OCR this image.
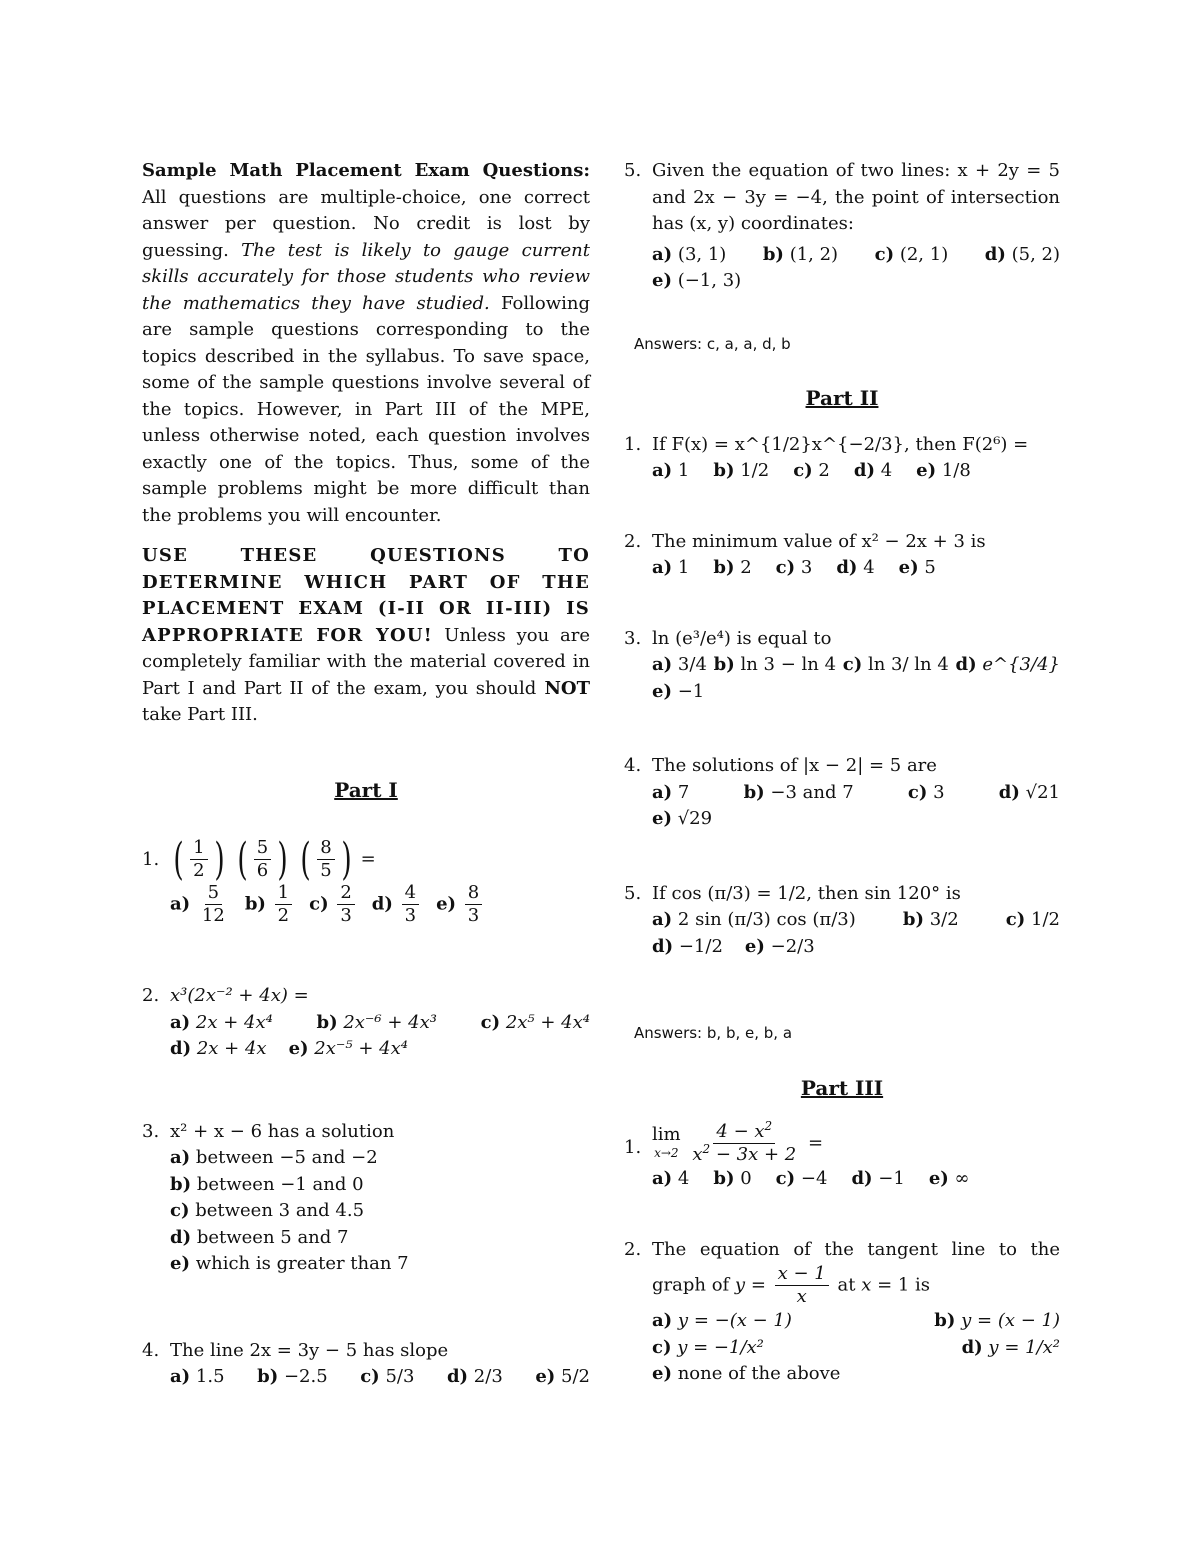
Sample Math Placement Exam Questions: All questions are multiple-choice, one correct answer per question. No credit is lost by guessing. The test is likely to gauge current skills accurately for those students who review the mathematics they have studied. Following are sample questions corresponding to the topics described in the syllabus. To save space, some of the sample questions involve several of the topics. However, in Part III of the MPE, unless otherwise noted, each question involves exactly one of the topics. Thus, some of the sample problems might be more difficult than the problems you will encounter.
USE THESE QUESTIONS TO DETERMINE WHICH PART OF THE PLACEMENT EXAM (I-II OR II-III) IS APPROPRIATE FOR YOU! Unless you are completely familiar with the material covered in Part I and Part II of the exam, you should NOT take Part III.
Part I
1. ( $\frac{1}{2}$ )
( $\frac{5}{6}$ )
( $\frac{8}{5}$ ) =
$a) \frac{5}{12} b) \frac{1}{2} c) \frac{2}{3} d) \frac{4}{3} e) \frac{8}{3}$
2. x³(2x⁻² + 4x) =
a) 2x + 4x⁴ b) 2x⁻⁶ + 4x³ c) 2x⁵ + 4x⁴
d) 2x + 4x e) 2x⁻⁵ + 4x⁴
3. x² + x − 6 has a solution
a) between −5 and −2
b) between −1 and 0
c) between 3 and 4.5
d) between 5 and 7
e) which is greater than 7
4. The line 2x = 3y − 5 has slope
a) 1.5 b) −2.5 c) 5/3 d) 2/3 e) 5/2
5. Given the equation of two lines: x + 2y = 5 and 2x − 3y = −4, the point of intersection has (x, y) coordinates:
a) (3, 1) b) (1, 2) c) (2, 1) d) (5, 2)
e) (−1, 3)
Answers: c, a, a, d, b
Part II
1. If F(x) = x^{1/2}x^{−2/3}, then F(2⁶) =
a) 1 b) 1/2 c) 2 d) 4 e) 1/8
2. The minimum value of x² − 2x + 3 is
a) 1 b) 2 c) 3 d) 4 e) 5
3. ln (e³/e⁴) is equal to
a) 3/4 b) ln 3 − ln 4 c) ln 3/ ln 4 d) e^{3/4}
e) −1
4. The solutions of |x − 2| = 5 are
a) 7	b) −3 and 7	c) 3	d) √21
e) √29
5. If cos (π/3) = 1/2, then sin 120° is
a) 2 sin (π/3) cos (π/3)	b) 3/2	c) 1/2
d) −1/2 e) −2/3
Answers: b, b, e, b, a
Part III
1.
lim
x→2
$\frac{4 - x^2}{x^2 - 3x + 2}$ =
a) 4 b) 0 c) −4 d) −1 e) ∞
2. The equation of the tangent line to the
graph of $y = \frac{x - 1}{x}$ at x = 1 is
a) y = −(x − 1)	b) y = (x − 1)
c) y = −1/x²	d) y = 1/x²
e) none of the above
